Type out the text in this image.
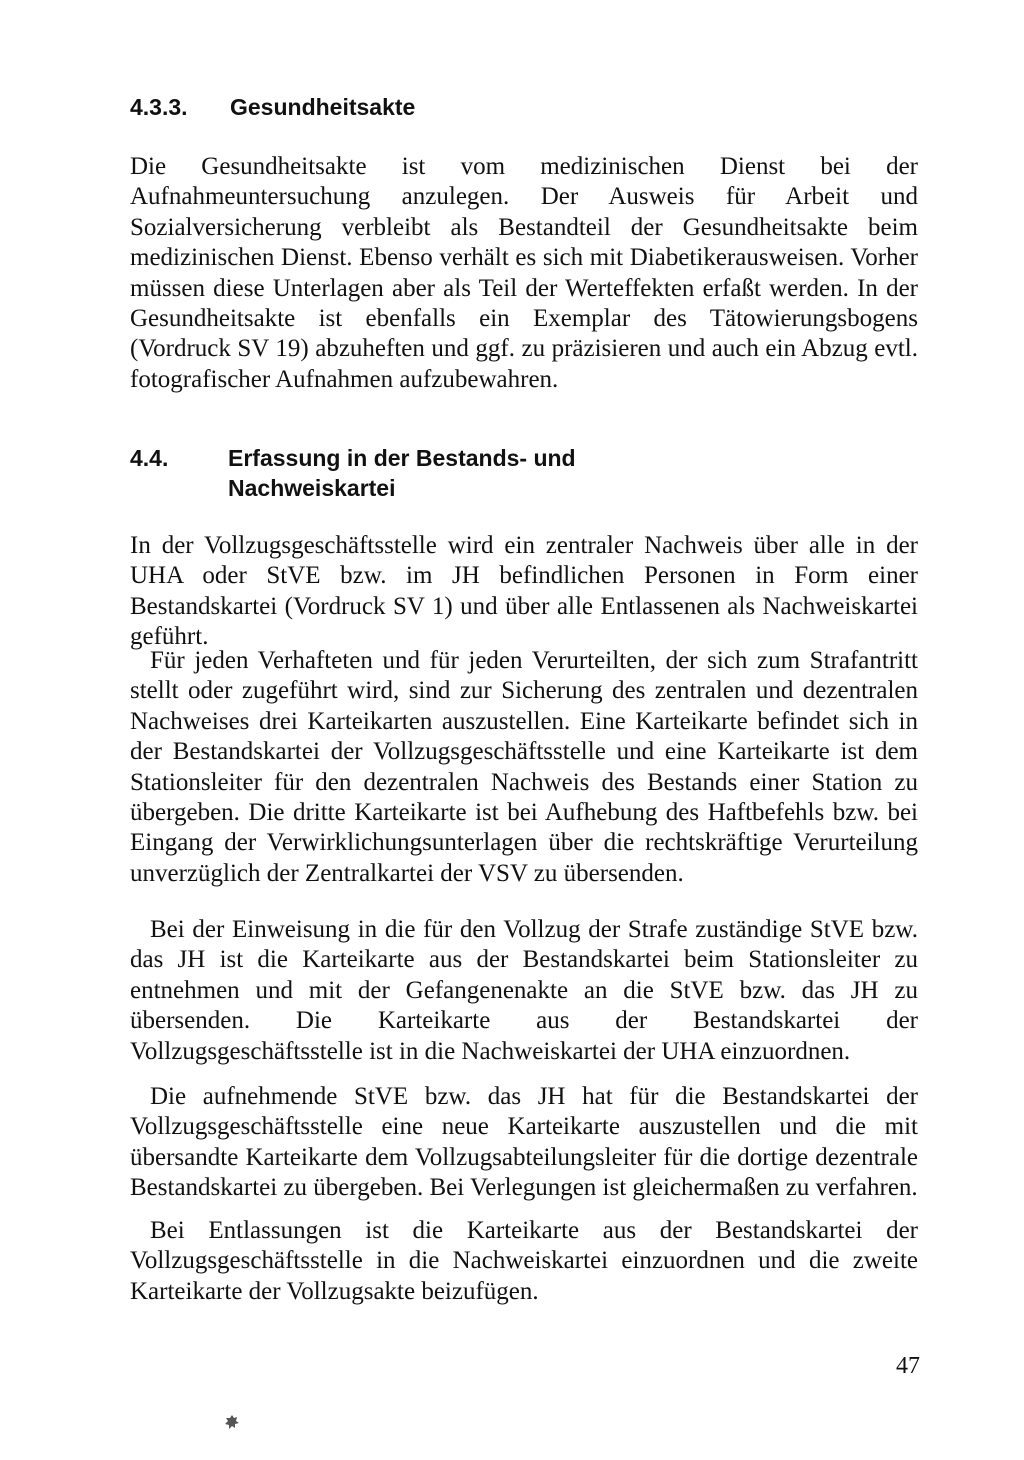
4.3.3. Gesundheitsakte

Die Gesundheitsakte ist vom medizinischen Dienst bei der Aufnahmeuntersuchung anzulegen. Der Ausweis für Arbeit und Sozialversicherung verbleibt als Bestandteil der Gesundheitsakte beim medizinischen Dienst. Ebenso verhält es sich mit Diabetikerausweisen. Vorher müssen diese Unterlagen aber als Teil der Werteffekten erfaßt werden. In der Gesundheitsakte ist ebenfalls ein Exemplar des Tätowierungsbogens (Vordruck SV 19) abzuheften und ggf. zu präzisieren und auch ein Abzug evtl. fotografischer Aufnahmen aufzubewahren.

4.4.	Erfassung in der Bestands- und Nachweiskartei

In der Vollzugsgeschäftsstelle wird ein zentraler Nachweis über alle in der UHA oder StVE bzw. im JH befindlichen Personen in Form einer Bestandskartei (Vordruck SV 1) und über alle Entlassenen als Nachweiskartei geführt.

Für jeden Verhafteten und für jeden Verurteilten, der sich zum Strafantritt stellt oder zugeführt wird, sind zur Sicherung des zentralen und dezentralen Nachweises drei Karteikarten auszustellen. Eine Karteikarte befindet sich in der Bestandskartei der Vollzugsgeschäftsstelle und eine Karteikarte ist dem Stationsleiter für den dezentralen Nachweis des Bestands einer Station zu übergeben. Die dritte Karteikarte ist bei Aufhebung des Haftbefehls bzw. bei Eingang der Verwirklichungsunterlagen über die rechtskräftige Verurteilung unverzüglich der Zentralkartei der VSV zu übersenden.

Bei der Einweisung in die für den Vollzug der Strafe zuständige StVE bzw. das JH ist die Karteikarte aus der Bestandskartei beim Stationsleiter zu entnehmen und mit der Gefangenenakte an die StVE bzw. das JH zu übersenden. Die Karteikarte aus der Bestandskartei der Vollzugsgeschäftsstelle ist in die Nachweiskartei der UHA einzuordnen.

Die aufnehmende StVE bzw. das JH hat für die Bestandskartei der Vollzugsgeschäftsstelle eine neue Karteikarte auszustellen und die mit übersandte Karteikarte dem Vollzugsabteilungsleiter für die dortige dezentrale Bestandskartei zu übergeben. Bei Verlegungen ist gleichermaßen zu verfahren.

Bei Entlassungen ist die Karteikarte aus der Bestandskartei der Vollzugsgeschäftsstelle in die Nachweiskartei einzuordnen und die zweite Karteikarte der Vollzugsakte beizufügen.

47
